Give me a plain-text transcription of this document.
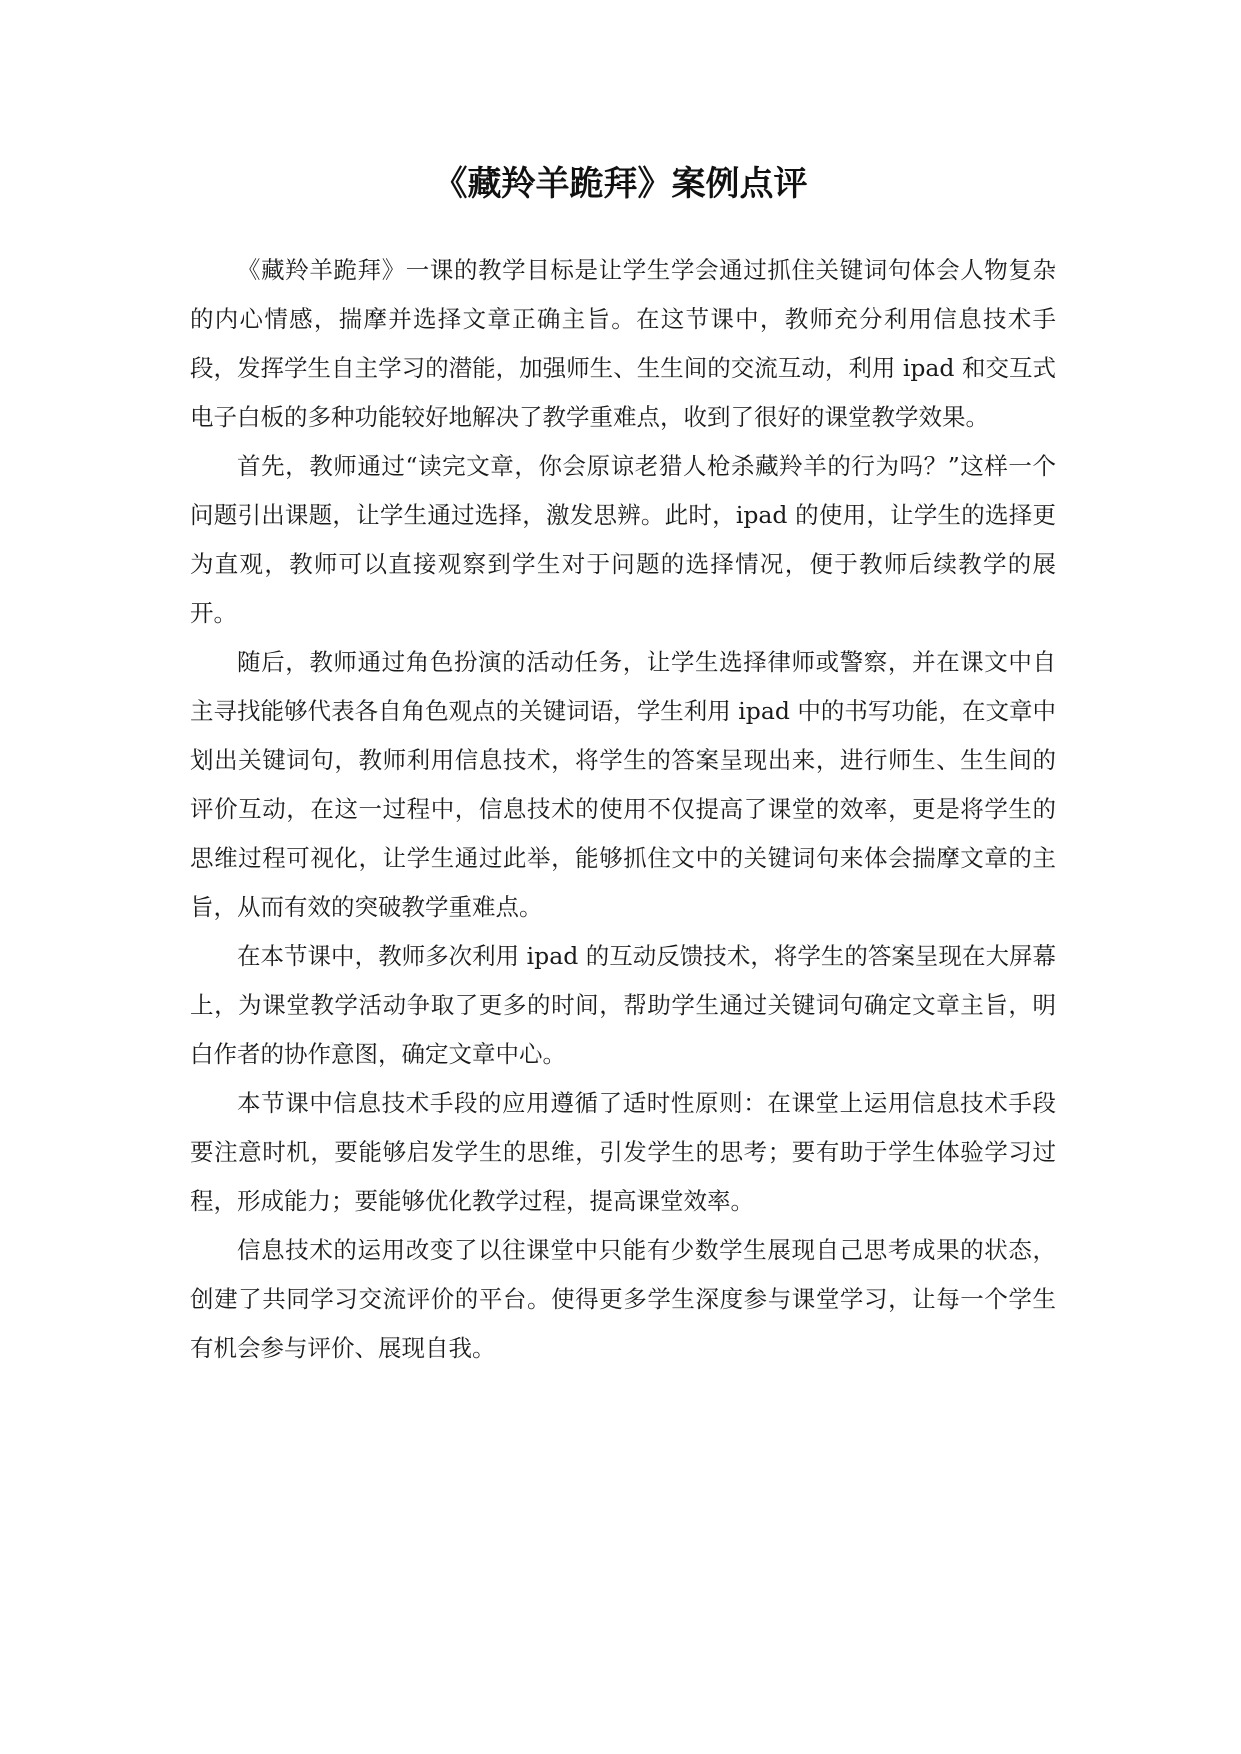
《藏羚羊跪拜》案例点评

《藏羚羊跪拜》一课的教学目标是让学生学会通过抓住关键词句体会人物复杂的内心情感，揣摩并选择文章正确主旨。在这节课中，教师充分利用信息技术手段，发挥学生自主学习的潜能，加强师生、生生间的交流互动，利用 ipad 和交互式电子白板的多种功能较好地解决了教学重难点，收到了很好的课堂教学效果。

首先，教师通过“读完文章，你会原谅老猎人枪杀藏羚羊的行为吗？”这样一个问题引出课题，让学生通过选择，激发思辨。此时，ipad 的使用，让学生的选择更为直观，教师可以直接观察到学生对于问题的选择情况，便于教师后续教学的展开。

随后，教师通过角色扮演的活动任务，让学生选择律师或警察，并在课文中自主寻找能够代表各自角色观点的关键词语，学生利用 ipad 中的书写功能，在文章中划出关键词句，教师利用信息技术，将学生的答案呈现出来，进行师生、生生间的评价互动，在这一过程中，信息技术的使用不仅提高了课堂的效率，更是将学生的思维过程可视化，让学生通过此举，能够抓住文中的关键词句来体会揣摩文章的主旨，从而有效的突破教学重难点。

在本节课中，教师多次利用 ipad 的互动反馈技术，将学生的答案呈现在大屏幕上，为课堂教学活动争取了更多的时间，帮助学生通过关键词句确定文章主旨，明白作者的协作意图，确定文章中心。

本节课中信息技术手段的应用遵循了适时性原则：在课堂上运用信息技术手段要注意时机，要能够启发学生的思维，引发学生的思考；要有助于学生体验学习过程，形成能力；要能够优化教学过程，提高课堂效率。

信息技术的运用改变了以往课堂中只能有少数学生展现自己思考成果的状态，创建了共同学习交流评价的平台。使得更多学生深度参与课堂学习，让每一个学生有机会参与评价、展现自我。
